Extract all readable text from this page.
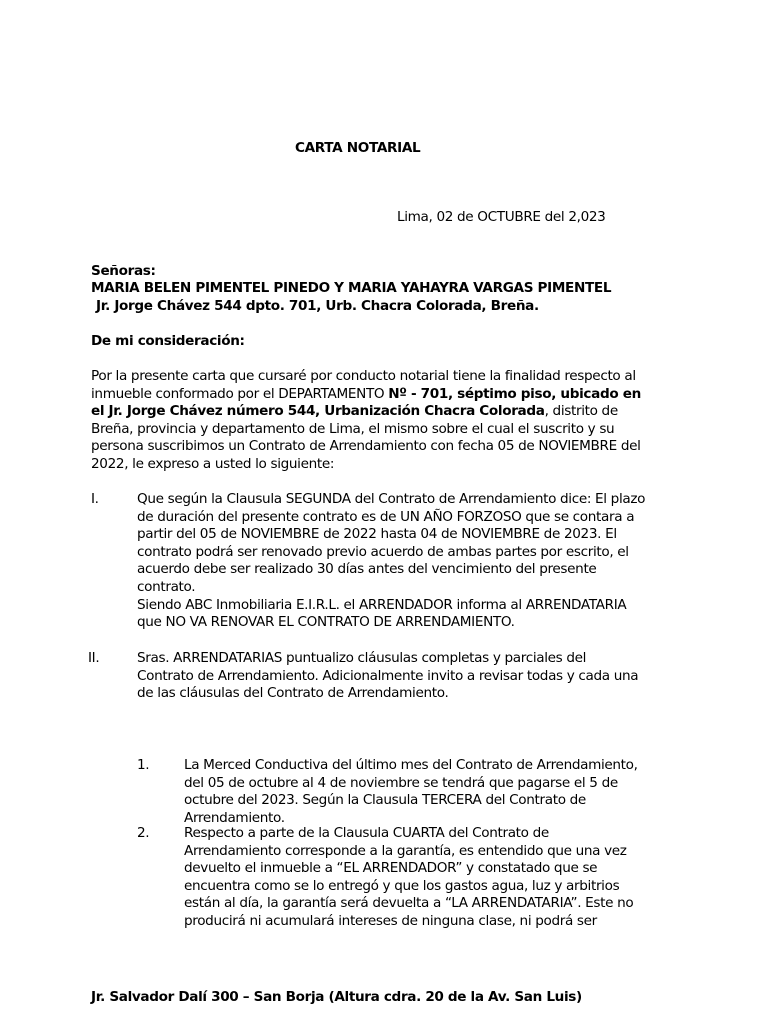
CARTA NOTARIAL
Lima, 02 de OCTUBRE del 2,023
Señoras:
MARIA BELEN PIMENTEL PINEDO Y MARIA YAHAYRA VARGAS PIMENTEL
Jr. Jorge Chávez 544 dpto. 701, Urb. Chacra Colorada, Breña.
De mi consideración:
Por la presente carta que cursaré por conducto notarial tiene la finalidad respecto al
inmueble conformado por el DEPARTAMENTO Nº - 701, séptimo piso, ubicado en
el Jr. Jorge Chávez número 544, Urbanización Chacra Colorada, distrito de
Breña, provincia y departamento de Lima, el mismo sobre el cual el suscrito y su
persona suscribimos un Contrato de Arrendamiento con fecha 05 de NOVIEMBRE del
2022, le expreso a usted lo siguiente:
I.	Que según la Clausula SEGUNDA del Contrato de Arrendamiento dice: El plazo
de duración del presente contrato es de UN AÑO FORZOSO que se contara a
partir del 05 de NOVIEMBRE de 2022 hasta 04 de NOVIEMBRE de 2023. El
contrato podrá ser renovado previo acuerdo de ambas partes por escrito, el
acuerdo debe ser realizado 30 días antes del vencimiento del presente
contrato.
Siendo ABC Inmobiliaria E.I.R.L. el ARRENDADOR informa al ARRENDATARIA
que NO VA RENOVAR EL CONTRATO DE ARRENDAMIENTO.
II.	Sras. ARRENDATARIAS puntualizo cláusulas completas y parciales del
Contrato de Arrendamiento. Adicionalmente invito a revisar todas y cada una
de las cláusulas del Contrato de Arrendamiento.
1.	La Merced Conductiva del último mes del Contrato de Arrendamiento,
del 05 de octubre al 4 de noviembre se tendrá que pagarse el 5 de
octubre del 2023. Según la Clausula TERCERA del Contrato de
Arrendamiento.
2.	Respecto a parte de la Clausula CUARTA del Contrato de
Arrendamiento corresponde a la garantía, es entendido que una vez
devuelto el inmueble a “EL ARRENDADOR” y constatado que se
encuentra como se lo entregó y que los gastos agua, luz y arbitrios
están al día, la garantía será devuelta a “LA ARRENDATARIA”. Este no
producirá ni acumulará intereses de ninguna clase, ni podrá ser
Jr. Salvador Dalí 300 – San Borja (Altura cdra. 20 de la Av. San Luis)
